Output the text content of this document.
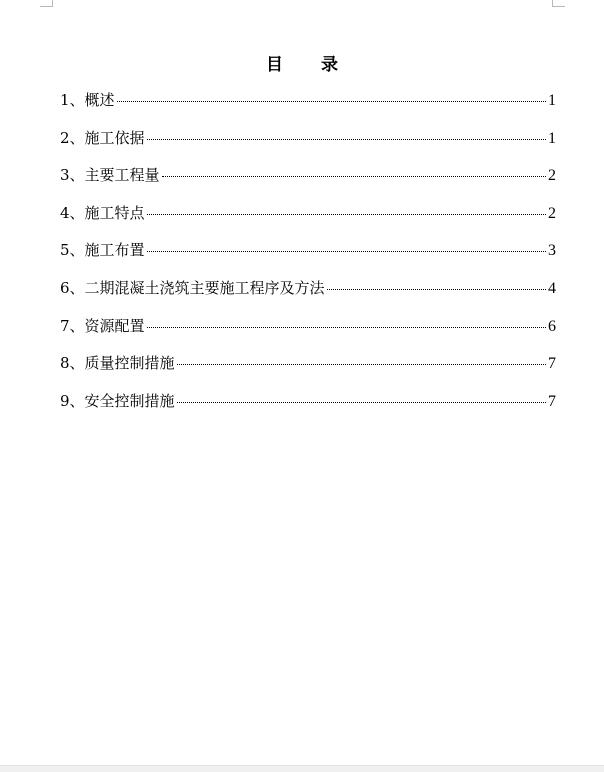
目 录
1、概述	1
2、施工依据	1
3、主要工程量	2
4、施工特点	2
5、施工布置	3
6、二期混凝土浇筑主要施工程序及方法	4
7、资源配置	6
8、质量控制措施	7
9、安全控制措施	7
